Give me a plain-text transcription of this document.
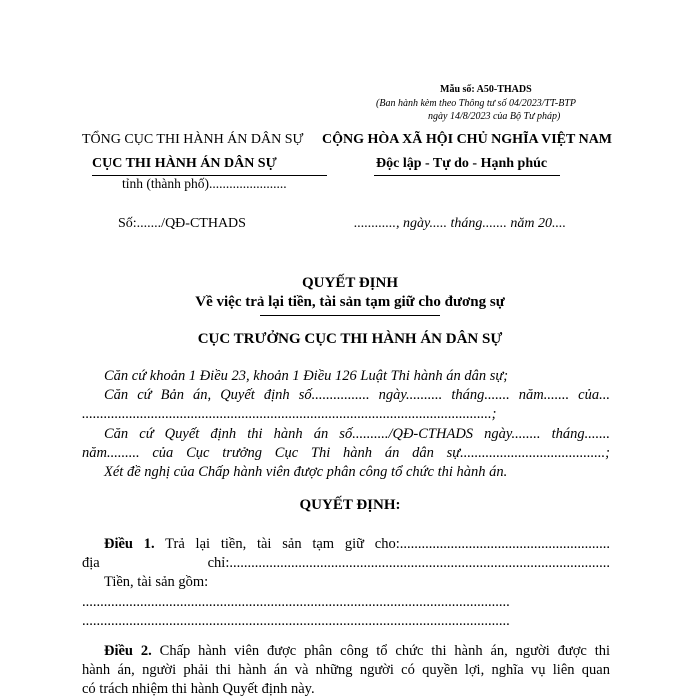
Mẫu số: A50-THADS
(Ban hành kèm theo Thông tư số 04/2023/TT-BTP
ngày 14/8/2023 của Bộ Tư pháp)
TỔNG CỤC THI HÀNH ÁN DÂN SỰ
CỤC THI HÀNH ÁN DÂN SỰ
tỉnh (thành phố).......................
CỘNG HÒA XÃ HỘI CHỦ NGHĨA VIỆT NAM
Độc lập - Tự do - Hạnh phúc
Số:......./QĐ-CTHADS	............, ngày..... tháng....... năm 20....
QUYẾT ĐỊNH
Về việc trả lại tiền, tài sản tạm giữ cho đương sự
CỤC TRƯỞNG CỤC THI HÀNH ÁN DÂN SỰ
Căn cứ khoản 1 Điều 23, khoản 1 Điều 126 Luật Thi hành án dân sự;
Căn cứ Bản án, Quyết định số................ ngày.......... tháng....... năm....... của...
.................................................................................................................;
Căn cứ Quyết định thi hành án số........../QĐ-CTHADS ngày........ tháng.......
năm......... của Cục trưởng Cục Thi hành án dân sự........................................;
Xét đề nghị của Chấp hành viên được phân công tổ chức thi hành án.
QUYẾT ĐỊNH:
Điều 1. Trả lại tiền, tài sản tạm giữ cho:..........................................................
địa chỉ:.........................................................................................................
Tiền, tài sản gồm:
......................................................................................................................
......................................................................................................................
Điều 2. Chấp hành viên được phân công tổ chức thi hành án, người được thi
hành án, người phải thi hành án và những người có quyền lợi, nghĩa vụ liên quan
có trách nhiệm thi hành Quyết định này.
